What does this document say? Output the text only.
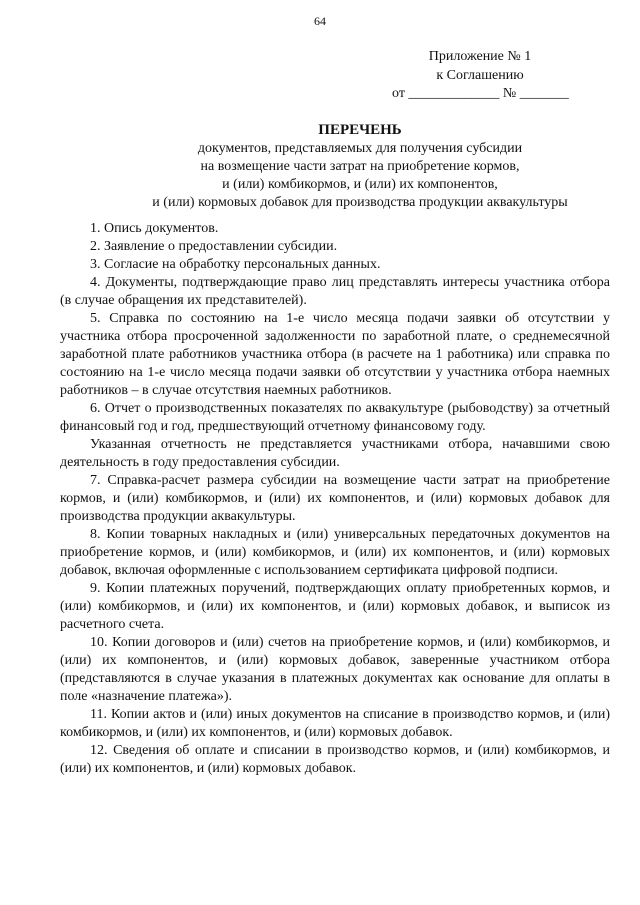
64
Приложение № 1
к Соглашению
от _____________ № _______
ПЕРЕЧЕНЬ
документов, представляемых для получения субсидии
на возмещение части затрат на приобретение кормов,
и (или) комбикормов, и (или) их компонентов,
и (или) кормовых добавок для производства продукции аквакультуры

1. Опись документов.

2. Заявление о предоставлении субсидии.

3. Согласие на обработку персональных данных.

4. Документы, подтверждающие право лиц представлять интересы участника отбора (в случае обращения их представителей).

5. Справка по состоянию на 1-е число месяца подачи заявки об отсутствии у участника отбора просроченной задолженности по заработной плате, о среднемесячной заработной плате работников участника отбора (в расчете на 1 работника) или справка по состоянию на 1-е число месяца подачи заявки об отсутствии у участника отбора наемных работников – в случае отсутствия наемных работников.

6. Отчет о производственных показателях по аквакультуре (рыбоводству) за отчетный финансовый год и год, предшествующий отчетному финансовому году.

Указанная отчетность не представляется участниками отбора, начавшими свою деятельность в году предоставления субсидии.

7. Справка-расчет размера субсидии на возмещение части затрат на приобретение кормов, и (или) комбикормов, и (или) их компонентов, и (или) кормовых добавок для производства продукции аквакультуры.

8. Копии товарных накладных и (или) универсальных передаточных документов на приобретение кормов, и (или) комбикормов, и (или) их компонентов, и (или) кормовых добавок, включая оформленные с использованием сертификата цифровой подписи.

9. Копии платежных поручений, подтверждающих оплату приобретенных кормов, и (или) комбикормов, и (или) их компонентов, и (или) кормовых добавок, и выписок из расчетного счета.

10. Копии договоров и (или) счетов на приобретение кормов, и (или) комбикормов, и (или) их компонентов, и (или) кормовых добавок, заверенные участником отбора (представляются в случае указания в платежных документах как основание для оплаты в поле «назначение платежа»).

11. Копии актов и (или) иных документов на списание в производство кормов, и (или) комбикормов, и (или) их компонентов, и (или) кормовых добавок.

12. Сведения об оплате и списании в производство кормов, и (или) комбикормов, и (или) их компонентов, и (или) кормовых добавок.
